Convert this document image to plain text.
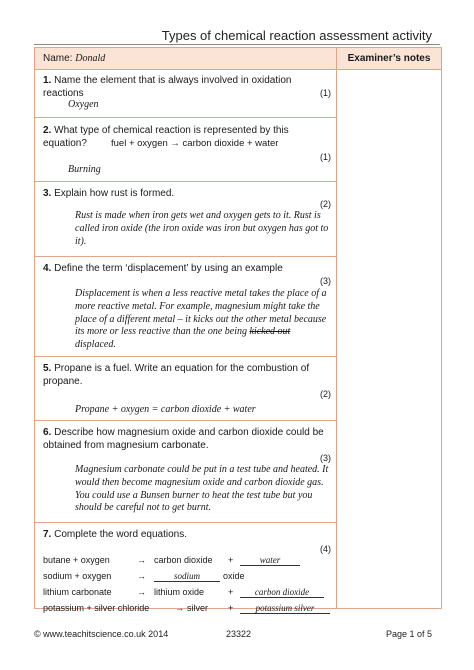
Types of chemical reaction assessment activity
Name: Donald	Examiner’s notes
1. Name the element that is always involved in oxidation reactions	(1)
Oxygen
2. What type of chemical reaction is represented by this equation?	fuel + oxygen → carbon dioxide + water
(1)
Burning
3. Explain how rust is formed.
(2)
Rust is made when iron gets wet and oxygen gets to it. Rust is called iron oxide (the iron oxide was iron but oxygen has got to it).
4. Define the term ‘displacement’ by using an example
(3)
Displacement is when a less reactive metal takes the place of a more reactive metal. For example, magnesium might take the place of a different metal – it kicks out the other metal because its more or less reactive than the one being kicked out displaced.
5. Propane is a fuel. Write an equation for the combustion of propane.
(2)
Propane + oxygen = carbon dioxide + water
6. Describe how magnesium oxide and carbon dioxide could be obtained from magnesium carbonate.
(3)
Magnesium carbonate could be put in a test tube and heated. It would then become magnesium oxide and carbon dioxide gas. You could use a Bunsen burner to heat the test tube but you should be careful not to get burnt.
7. Complete the word equations.
(4)
butane + oxygen	→ carbon dioxide +	water
sodium + oxygen	→	sodium	oxide
lithium carbonate	→ lithium oxide	+	carbon dioxide
potassium + silver chloride	→ silver +	potassium silver
© www.teachitscience.co.uk 2014	23322	Page 1 of 5
